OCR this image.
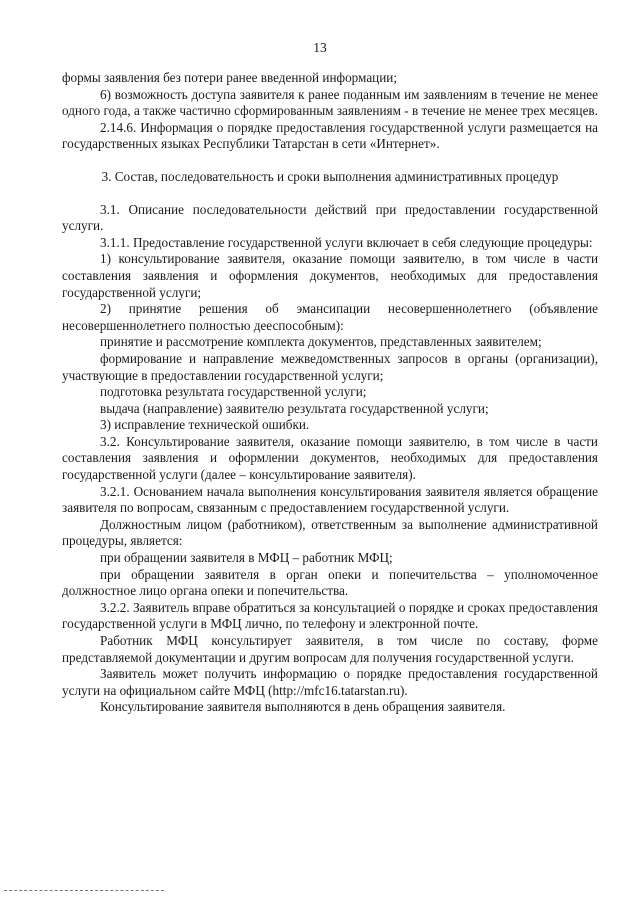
13

формы заявления без потери ранее введенной информации;

6) возможность доступа заявителя к ранее поданным им заявлениям в течение не менее одного года, а также частично сформированным заявлениям - в течение не менее трех месяцев.

2.14.6. Информация о порядке предоставления государственной услуги размещается на государственных языках Республики Татарстан в сети «Интернет».

3. Состав, последовательность и сроки выполнения административных процедур

3.1. Описание последовательности действий при предоставлении государственной услуги.

3.1.1. Предоставление государственной услуги включает в себя следующие процедуры:

1) консультирование заявителя, оказание помощи заявителю, в том числе в части составления заявления и оформления документов, необходимых для предоставления государственной услуги;

2) принятие решения об эмансипации несовершеннолетнего (объявление несовершеннолетнего полностью дееспособным):

принятие и рассмотрение комплекта документов, представленных заявителем;

формирование и направление межведомственных запросов в органы (организации), участвующие в предоставлении государственной услуги;

подготовка результата государственной услуги;

выдача (направление) заявителю результата государственной услуги;

3) исправление технической ошибки.

3.2. Консультирование заявителя, оказание помощи заявителю, в том числе в части составления заявления и оформлении документов, необходимых для предоставления государственной услуги (далее – консультирование заявителя).

3.2.1. Основанием начала выполнения консультирования заявителя является обращение заявителя по вопросам, связанным с предоставлением государственной услуги.

Должностным лицом (работником), ответственным за выполнение административной процедуры, является:

при обращении заявителя в МФЦ – работник МФЦ;

при обращении заявителя в орган опеки и попечительства – уполномоченное должностное лицо органа опеки и попечительства.

3.2.2. Заявитель вправе обратиться за консультацией о порядке и сроках предоставления государственной услуги в МФЦ лично, по телефону и электронной почте.

Работник МФЦ консультирует заявителя, в том числе по составу, форме представляемой документации и другим вопросам для получения государственной услуги.

Заявитель может получить информацию о порядке предоставления государственной услуги на официальном сайте МФЦ (http://mfc16.tatarstan.ru).

Консультирование заявителя выполняются в день обращения заявителя.
